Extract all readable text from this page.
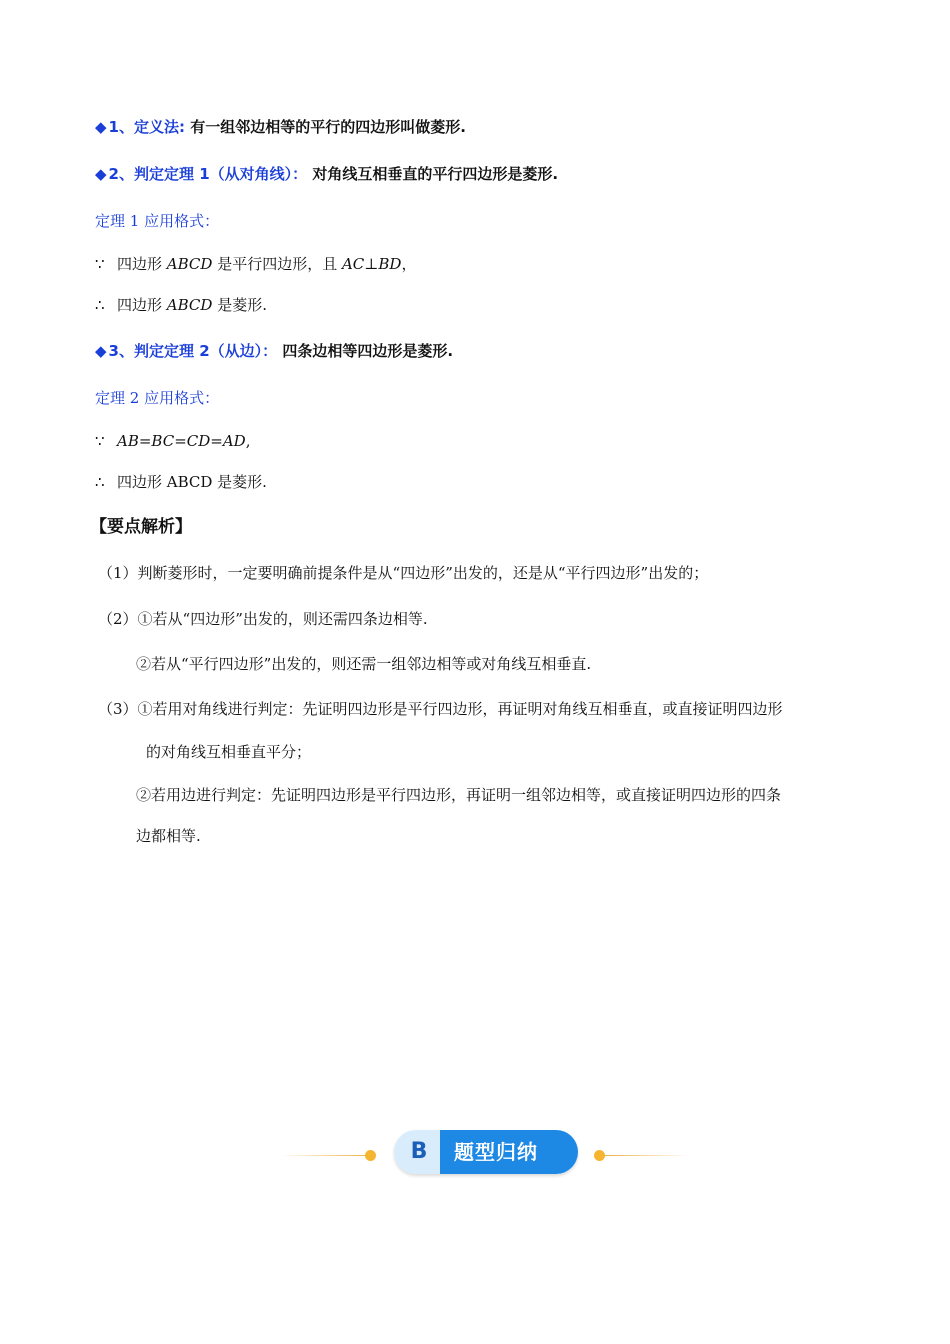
◆ 1、定义法: 有一组邻边相等的平行的四边形叫做菱形.
◆ 2、判定定理 1（从对角线）： 对角线互相垂直的平行四边形是菱形.
定理 1 应用格式：
∵ 四边形 ABCD 是平行四边形，且 AC⊥BD，
∴ 四边形 ABCD 是菱形.
◆ 3、判定定理 2（从边）： 四条边相等四边形是菱形.
定理 2 应用格式：
∵ AB=BC=CD=AD,
∴ 四边形 ABCD 是菱形.
【要点解析】
（1）判断菱形时，一定要明确前提条件是从“四边形”出发的，还是从“平行四边形”出发的；
（2）①若从“四边形”出发的，则还需四条边相等.
②若从“平行四边形”出发的，则还需一组邻边相等或对角线互相垂直.
（3）①若用对角线进行判定：先证明四边形是平行四边形，再证明对角线互相垂直，或直接证明四边形
的对角线互相垂直平分；
②若用边进行判定：先证明四边形是平行四边形，再证明一组邻边相等，或直接证明四边形的四条
边都相等.
B	题型归纳
